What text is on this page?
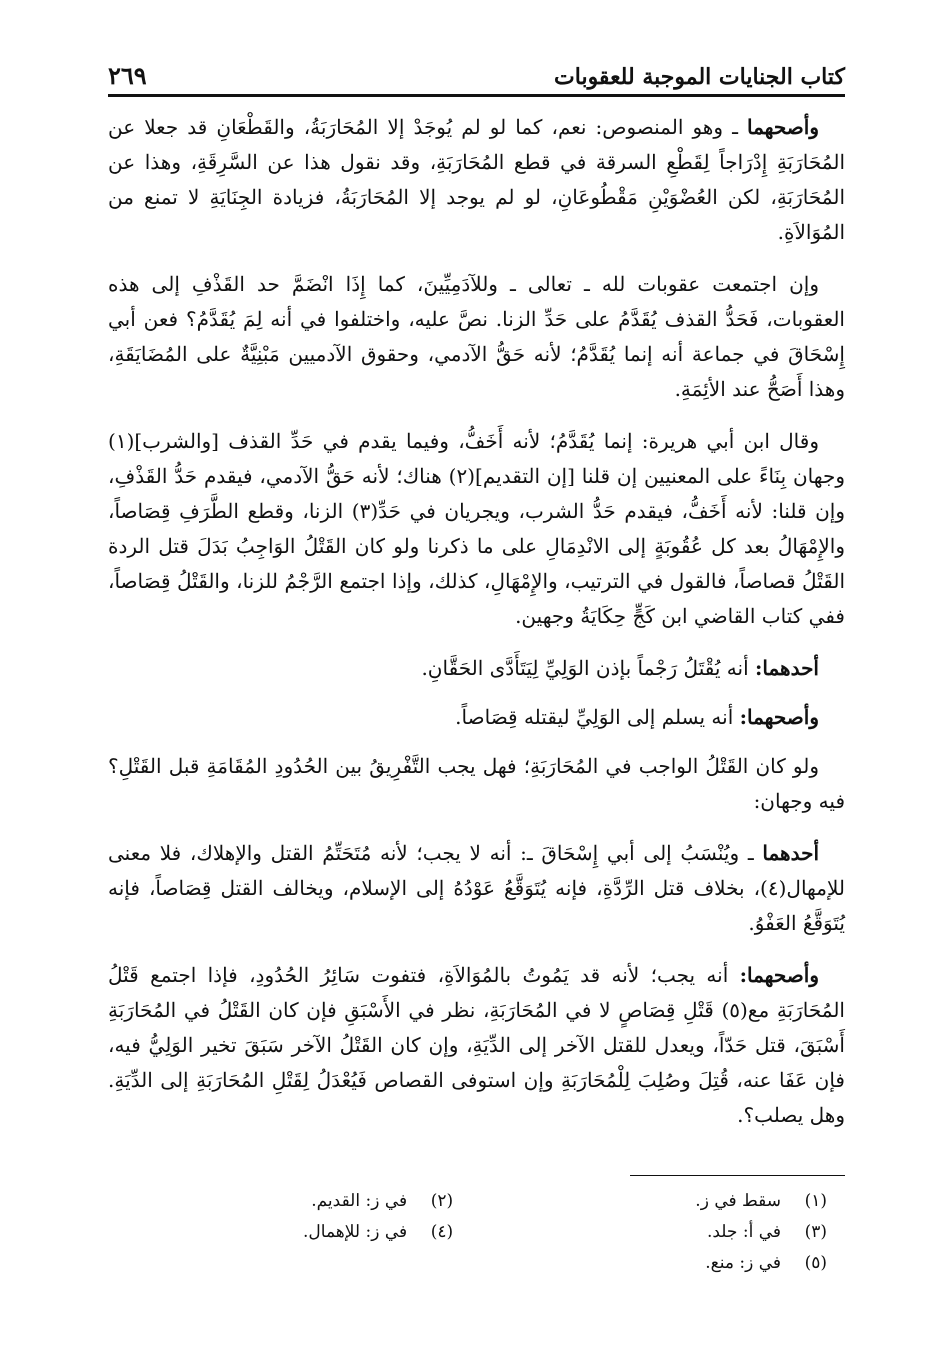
كتاب الجنايات الموجبة للعقوبات
٢٦٩

وأصحهما ـ وهو المنصوص: نعم، كما لو لم يُوجَدْ إلا المُحَارَبَةُ، والقَطْعَانِ قد جعلا عن المُحَارَبَةِ إِدْرَاجاً لِقَطْعِ السرقة في قطع المُحَارَبَةِ، وقد نقول هذا عن السَّرِقَةِ، وهذا عن المُحَارَبَةِ، لكن العُضْوَيْنِ مَقْطُوعَانِ، لو لم يوجد إلا المُحَارَبَةُ، فزيادة الجِنَايَةِ لا تمنع من المُوَالاَةِ.

وإن اجتمعت عقوبات لله ـ تعالى ـ وللآدَمِيِّينَ، كما إِذَا انْضَمَّ حد القَذْفِ إلى هذه العقوبات، فَحَدُّ القذف يُقَدَّمُ على حَدِّ الزنا. نصَّ عليه، واختلفوا في أنه لِمَ يُقَدَّمُ؟ فعن أبي إِسْحَاقَ في جماعة أنه إنما يُقَدَّمُ؛ لأنه حَقُّ الآدمي، وحقوق الآدميين مَبْنِيَّةٌ على المُضَايَقَةِ، وهذا أَصَحُّ عند الأئِمَةِ.

وقال ابن أبي هريرة: إنما يُقَدَّمُ؛ لأنه أَخَفُّ، وفيما يقدم في حَدِّ القذف [والشرب](١) وجهان بِنَاءً على المعنيين إن قلنا [إن التقديم](٢) هناك؛ لأنه حَقُّ الآدمي، فيقدم حَدُّ القَذْفِ، وإن قلنا: لأنه أَخَفُّ، فيقدم حَدُّ الشرب، ويجريان في حَدِّ(٣) الزنا، وقطع الطَّرَفِ قِصَاصاً، والإِمْهَالُ بعد كل عُقُوبَةٍ إلى الانْدِمَالِ على ما ذكرنا ولو كان القَتْلُ الوَاجِبُ بَدَلَ قتل الردة القَتْلُ قصاصاً، فالقول في الترتيب، والإِمْهَالِ، كذلك، وإذا اجتمع الرَّجْمُ للزنا، والقَتْلُ قِصَاصاً، ففي كتاب القاضي ابن كَجٍّ حِكَايَةُ وجهين.

أحدهما: أنه يُقْتَلُ رَجْماً بإذن الوَلِيِّ لِيَتَأَدَّى الحَقَّانِ.

وأصحهما: أنه يسلم إلى الوَلِيِّ ليقتله قِصَاصاً.

ولو كان القَتْلُ الواجب في المُحَارَبَةِ؛ فهل يجب التَّفْرِيقُ بين الحُدُودِ المُقَامَةِ قبل القَتْلِ؟ فيه وجهان:

أحدهما ـ ويُنْسَبُ إلى أبي إِسْحَاقَ ـ: أنه لا يجب؛ لأنه مُتَحَتِّمُ القتل والإهلاك، فلا معنى للإمهال(٤)، بخلاف قتل الرِّدَّةِ، فإنه يُتَوَقَّعُ عَوْدُهُ إلى الإسلام، ويخالف القتل قِصَاصاً، فإنه يُتَوَقَّعُ العَفْوُ.

وأصحهما: أنه يجب؛ لأنه قد يَمُوتُ بالمُوَالاَةِ، فتفوت سَائِرُ الحُدُودِ، فإذا اجتمع قَتْلُ المُحَارَبَةِ مع(٥) قَتْلِ قِصَاصٍ لا في المُحَارَبَةِ، نظر في الأَسْبَقِ فإن كان القَتْلُ في المُحَارَبَةِ أَسْبَقَ، قتل حَدّاً، ويعدل للقتل الآخر إلى الدِّيَةِ، وإن كان القَتْلُ الآخر سَبَقَ تخير الوَلِيُّ فيه، فإن عَفَا عنه، قُتِلَ وصُلِبَ لِلْمُحَارَبَةِ وإن استوفى القصاص فَيُعْدَلُ لِقَتْلِ المُحَارَبَةِ إلى الدِّيَةِ. وهل يصلب؟.

(١)سقط في ز.
(٢)في ز: القديم.
(٣)في أ: جلد.
(٤)في ز: للإهمال.
(٥)في ز: منع.
